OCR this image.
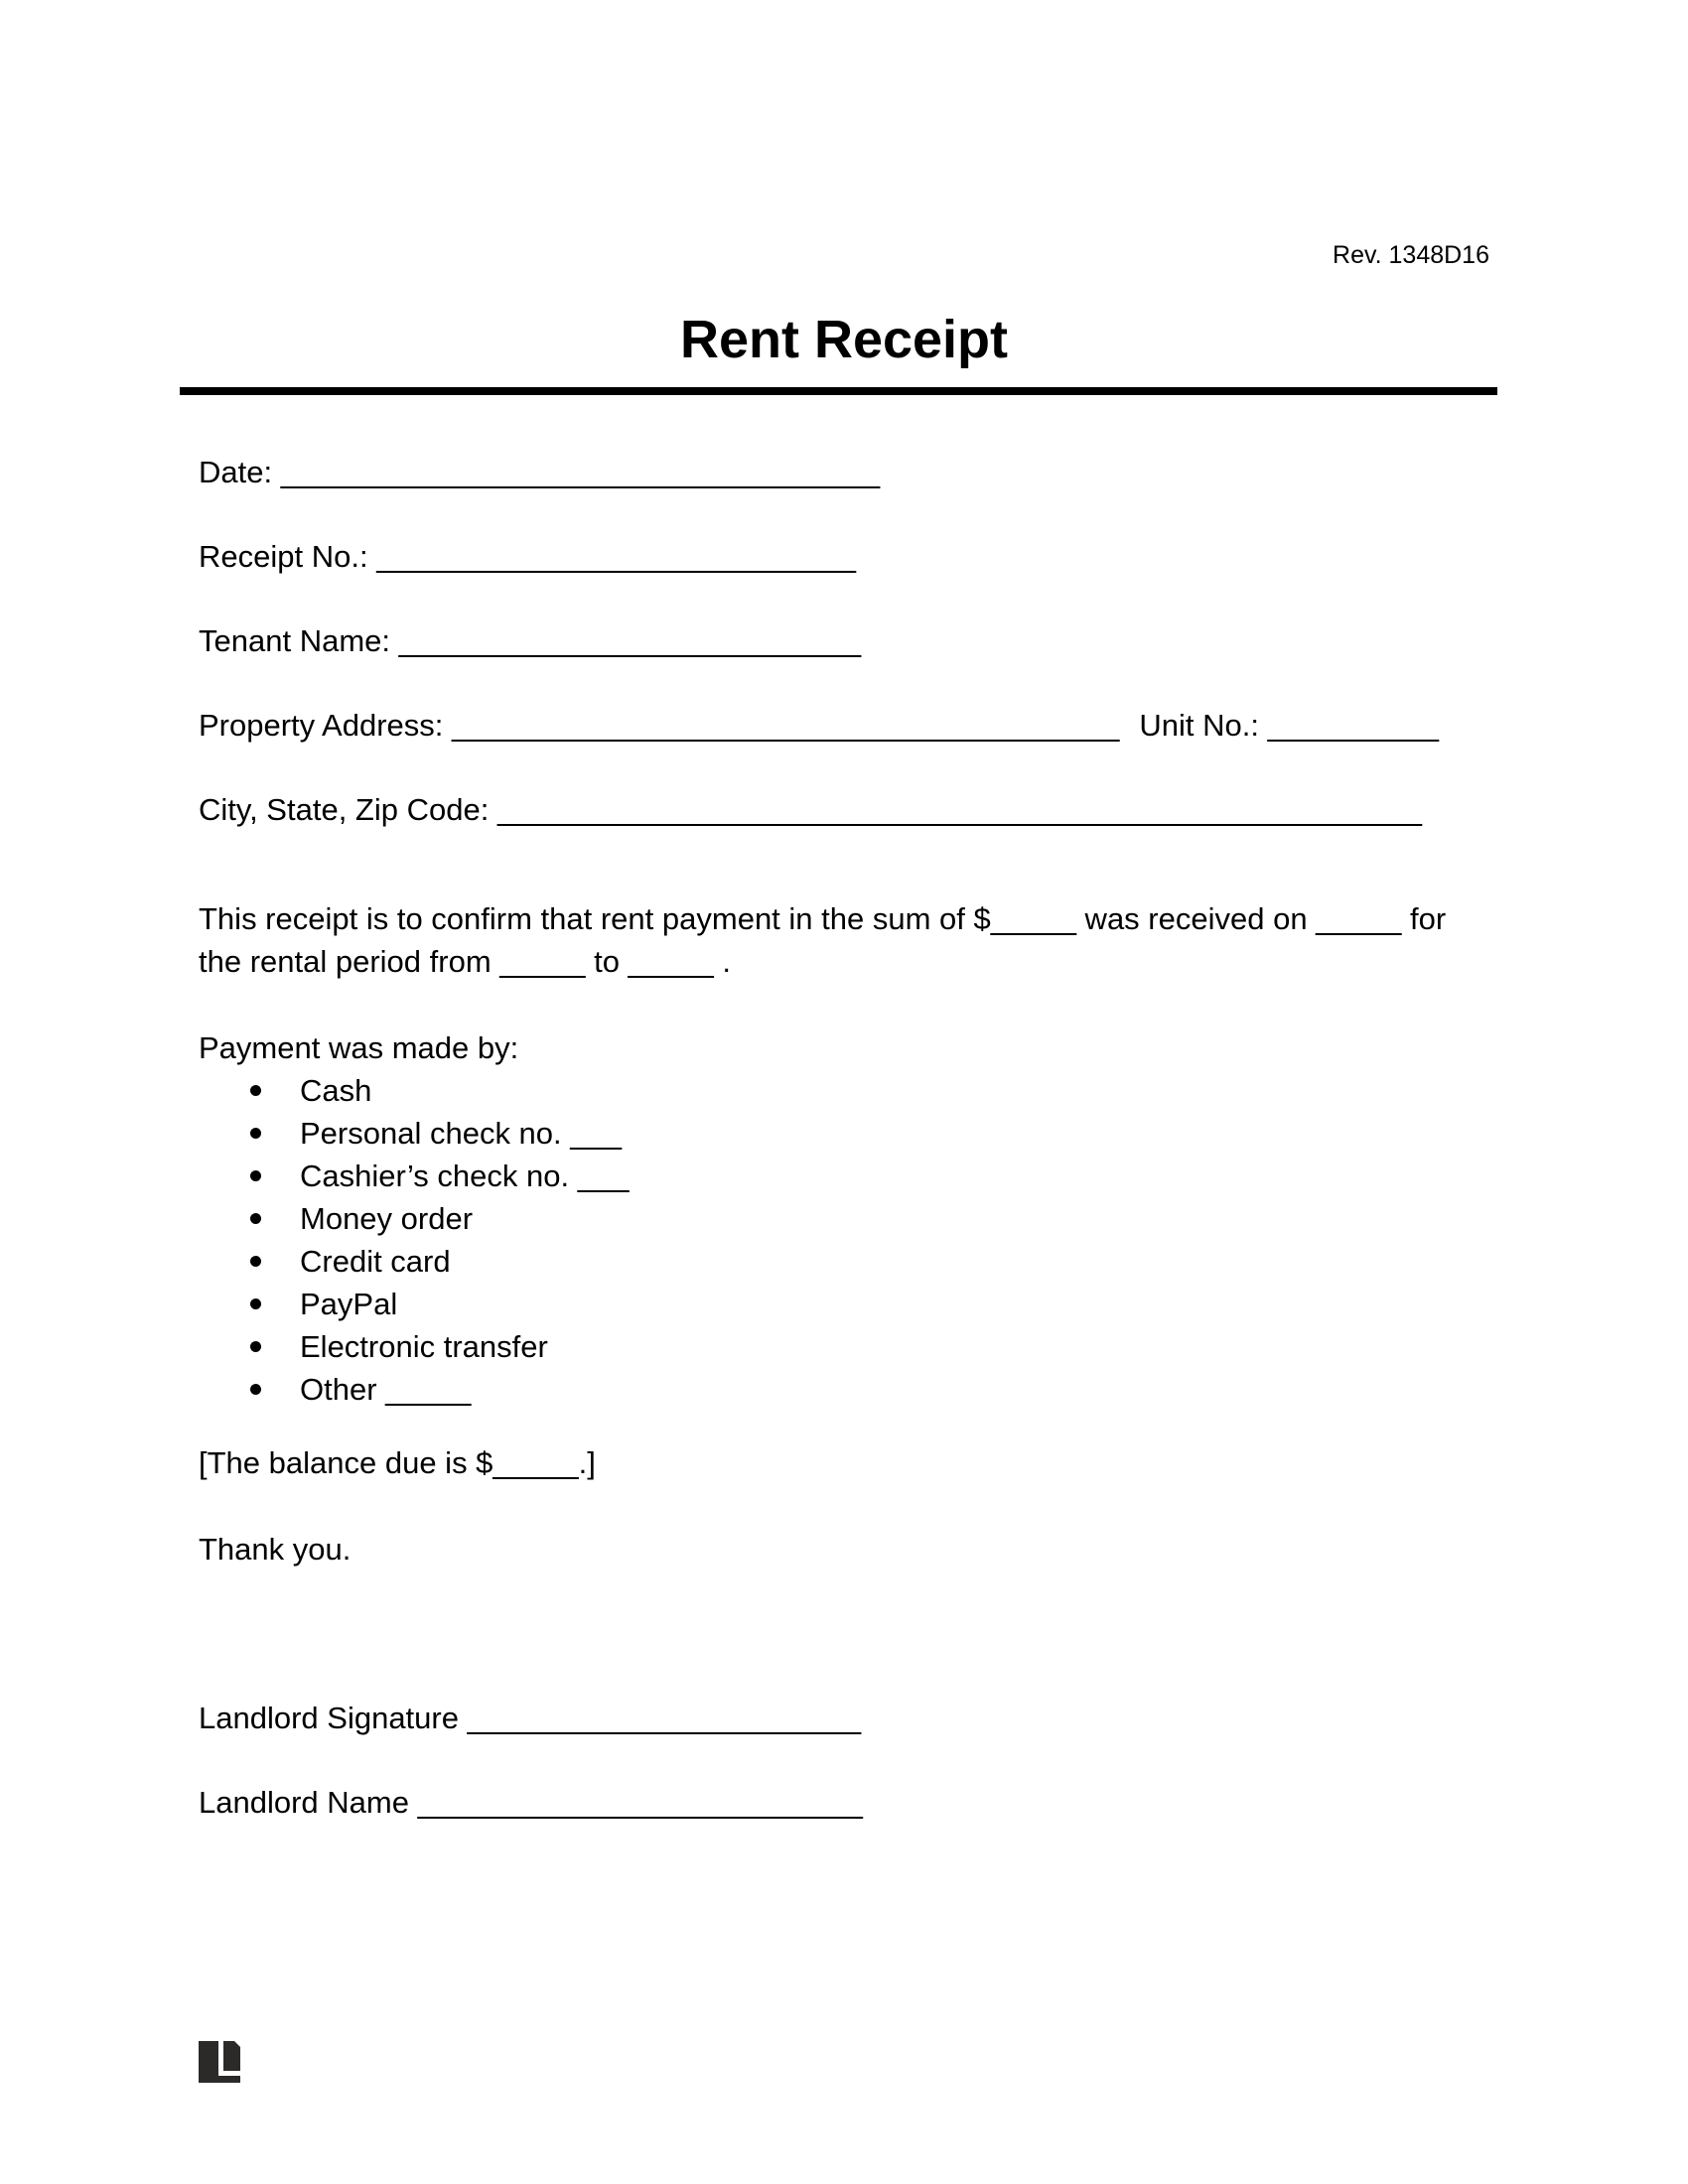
Rev. 1348D16
Rent Receipt
Date: ___________________________________
Receipt No.: ____________________________
Tenant Name: ___________________________
Property Address: _______________________________________ Unit No.: __________
City, State, Zip Code: ______________________________________________________
This receipt is to confirm that rent payment in the sum of $_____ was received on _____ for
the rental period from _____ to _____ .
Payment was made by:
Cash
Personal check no. ___
Cashier’s check no. ___
Money order
Credit card
PayPal
Electronic transfer
Other _____
[The balance due is $_____.]
Thank you.
Landlord Signature _______________________
Landlord Name __________________________
